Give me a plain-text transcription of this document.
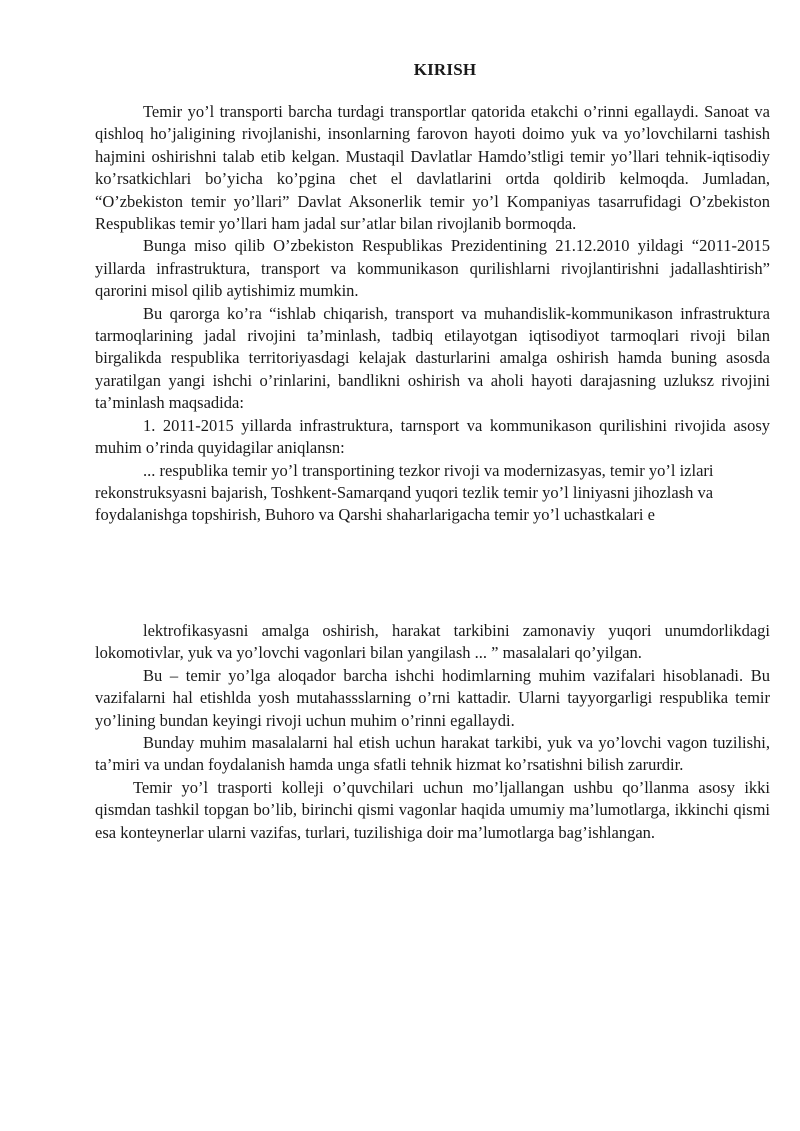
KIRISH

Temir yo’l transporti barcha turdagi transportlar qatorida etakchi o’rinni egallaydi. Sanoat va qishloq ho’jaligining rivojlanishi, insonlarning farovon hayoti doimo yuk va yo’lovchilarni tashish hajmini oshirishni talab etib kelgan. Mustaqil Davlatlar Hamdo’stligi temir yo’llari tehnik-iqtisodiy ko’rsatkichlari bo’yicha ko’pgina chet el davlatlarini ortda qoldirib kelmoqda. Jumladan, “O’zbekiston temir yo’llari” Davlat Aksonerlik temir yo’l Kompaniyas tasarrufidagi O’zbekiston Respublikas temir yo’llari ham jadal sur’atlar bilan rivojlanib bormoqda.

Bunga miso qilib O’zbekiston Respublikas Prezidentining 21.12.2010 yildagi “2011-2015 yillarda infrastruktura, transport va kommunikason qurilishlarni rivojlantirishni jadallashtirish” qarorini misol qilib aytishimiz mumkin.

Bu qarorga ko’ra “ishlab chiqarish, transport va muhandislik-kommunikason infrastruktura tarmoqlarining jadal rivojini ta’minlash, tadbiq etilayotgan iqtisodiyot tarmoqlari rivoji bilan birgalikda respublika territoriyasdagi kelajak dasturlarini amalga oshirish hamda buning asosda yaratilgan yangi ishchi o’rinlarini, bandlikni oshirish va aholi hayoti darajasning uzluksz rivojini ta’minlash maqsadida:

1. 2011-2015 yillarda infrastruktura, tarnsport va kommunikason qurilishini rivojida asosy muhim o’rinda quyidagilar aniqlansn:

... respublika temir yo’l transportining tezkor rivoji va modernizasyas, temir yo’l izlari rekonstruksyasni bajarish, Toshkent-Samarqand yuqori tezlik temir yo’l liniyasni jihozlash va foydalanishga topshirish, Buhoro va Qarshi shaharlarigacha temir yo’l uchastkalari e

lektrofikasyasni amalga oshirish, harakat tarkibini zamonaviy yuqori unumdorlikdagi lokomotivlar, yuk va yo’lovchi vagonlari bilan yangilash ... ” masalalari qo’yilgan.

Bu – temir yo’lga aloqador barcha ishchi hodimlarning muhim vazifalari hisoblanadi. Bu vazifalarni hal etishlda yosh mutahassslarning o’rni kattadir. Ularni tayyorgarligi respublika temir yo’lining bundan keyingi rivoji uchun muhim o’rinni egallaydi.

Bunday muhim masalalarni hal etish uchun harakat tarkibi, yuk va yo’lovchi vagon tuzilishi, ta’miri va undan foydalanish hamda unga sfatli tehnik hizmat ko’rsatishni bilish zarurdir.

Temir yo’l trasporti kolleji o’quvchilari uchun mo’ljallangan ushbu qo’llanma asosy ikki qismdan tashkil topgan bo’lib, birinchi qismi vagonlar haqida umumiy ma’lumotlarga, ikkinchi qismi esa konteynerlar ularni vazifas, turlari, tuzilishiga doir ma’lumotlarga bag’ishlangan.
